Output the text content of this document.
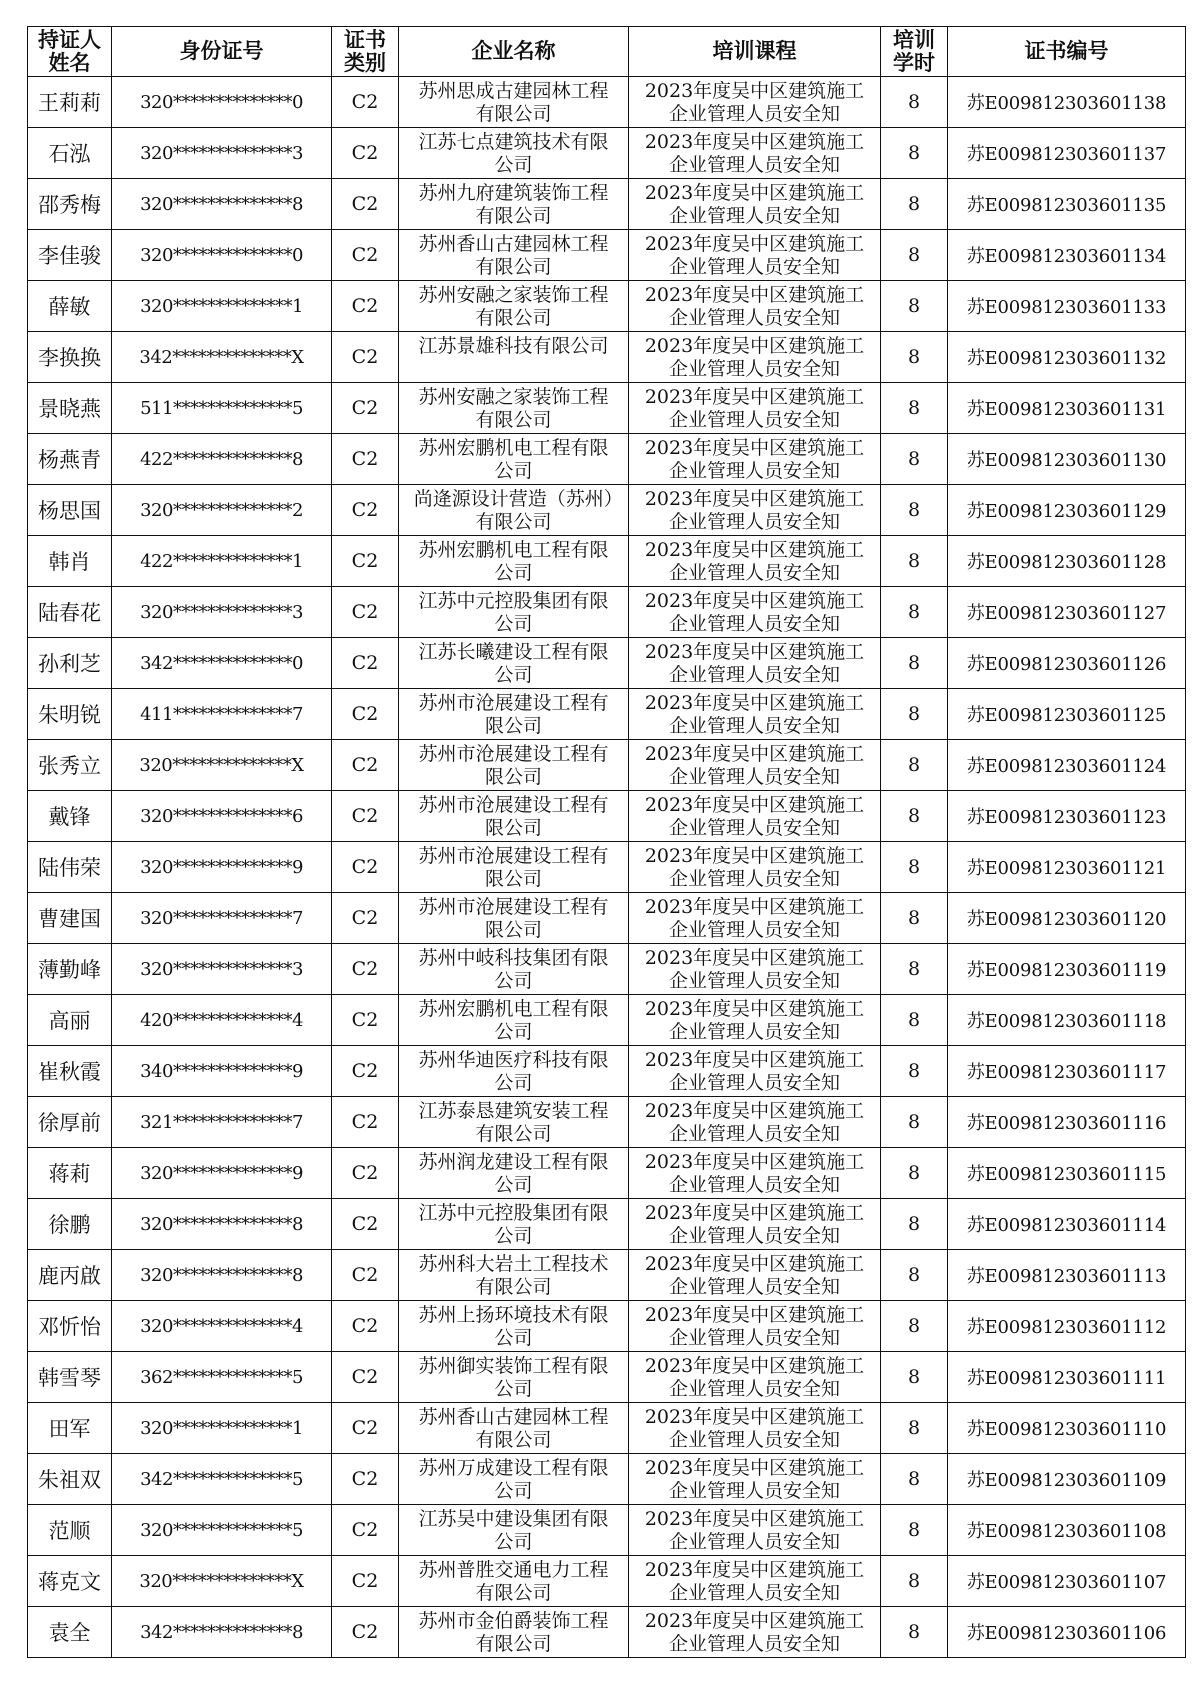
持证人姓名	身份证号	证书类别	企业名称	培训课程	培训学时	证书编号
王莉莉	320**************0	C2	苏州思成古建园林工程有限公司	2023年度吴中区建筑施工企业管理人员安全知	8	苏E009812303601138
石泓	320**************3	C2	江苏七点建筑技术有限公司	2023年度吴中区建筑施工企业管理人员安全知	8	苏E009812303601137
邵秀梅	320**************8	C2	苏州九府建筑装饰工程有限公司	2023年度吴中区建筑施工企业管理人员安全知	8	苏E009812303601135
李佳骏	320**************0	C2	苏州香山古建园林工程有限公司	2023年度吴中区建筑施工企业管理人员安全知	8	苏E009812303601134
薛敏	320**************1	C2	苏州安融之家装饰工程有限公司	2023年度吴中区建筑施工企业管理人员安全知	8	苏E009812303601133
李换换	342**************X	C2	江苏景雄科技有限公司	2023年度吴中区建筑施工企业管理人员安全知	8	苏E009812303601132
景晓燕	511**************5	C2	苏州安融之家装饰工程有限公司	2023年度吴中区建筑施工企业管理人员安全知	8	苏E009812303601131
杨燕青	422**************8	C2	苏州宏鹏机电工程有限公司	2023年度吴中区建筑施工企业管理人员安全知	8	苏E009812303601130
杨思国	320**************2	C2	尚逄源设计营造（苏州）有限公司	2023年度吴中区建筑施工企业管理人员安全知	8	苏E009812303601129
韩肖	422**************1	C2	苏州宏鹏机电工程有限公司	2023年度吴中区建筑施工企业管理人员安全知	8	苏E009812303601128
陆春花	320**************3	C2	江苏中元控股集团有限公司	2023年度吴中区建筑施工企业管理人员安全知	8	苏E009812303601127
孙利芝	342**************0	C2	江苏长曦建设工程有限公司	2023年度吴中区建筑施工企业管理人员安全知	8	苏E009812303601126
朱明锐	411**************7	C2	苏州市沧展建设工程有限公司	2023年度吴中区建筑施工企业管理人员安全知	8	苏E009812303601125
张秀立	320**************X	C2	苏州市沧展建设工程有限公司	2023年度吴中区建筑施工企业管理人员安全知	8	苏E009812303601124
戴锋	320**************6	C2	苏州市沧展建设工程有限公司	2023年度吴中区建筑施工企业管理人员安全知	8	苏E009812303601123
陆伟荣	320**************9	C2	苏州市沧展建设工程有限公司	2023年度吴中区建筑施工企业管理人员安全知	8	苏E009812303601121
曹建国	320**************7	C2	苏州市沧展建设工程有限公司	2023年度吴中区建筑施工企业管理人员安全知	8	苏E009812303601120
薄勤峰	320**************3	C2	苏州中岐科技集团有限公司	2023年度吴中区建筑施工企业管理人员安全知	8	苏E009812303601119
高丽	420**************4	C2	苏州宏鹏机电工程有限公司	2023年度吴中区建筑施工企业管理人员安全知	8	苏E009812303601118
崔秋霞	340**************9	C2	苏州华迪医疗科技有限公司	2023年度吴中区建筑施工企业管理人员安全知	8	苏E009812303601117
徐厚前	321**************7	C2	江苏泰恳建筑安装工程有限公司	2023年度吴中区建筑施工企业管理人员安全知	8	苏E009812303601116
蒋莉	320**************9	C2	苏州润龙建设工程有限公司	2023年度吴中区建筑施工企业管理人员安全知	8	苏E009812303601115
徐鹏	320**************8	C2	江苏中元控股集团有限公司	2023年度吴中区建筑施工企业管理人员安全知	8	苏E009812303601114
鹿丙啟	320**************8	C2	苏州科大岩土工程技术有限公司	2023年度吴中区建筑施工企业管理人员安全知	8	苏E009812303601113
邓忻怡	320**************4	C2	苏州上扬环境技术有限公司	2023年度吴中区建筑施工企业管理人员安全知	8	苏E009812303601112
韩雪琴	362**************5	C2	苏州御实装饰工程有限公司	2023年度吴中区建筑施工企业管理人员安全知	8	苏E009812303601111
田军	320**************1	C2	苏州香山古建园林工程有限公司	2023年度吴中区建筑施工企业管理人员安全知	8	苏E009812303601110
朱祖双	342**************5	C2	苏州万成建设工程有限公司	2023年度吴中区建筑施工企业管理人员安全知	8	苏E009812303601109
范顺	320**************5	C2	江苏吴中建设集团有限公司	2023年度吴中区建筑施工企业管理人员安全知	8	苏E009812303601108
蒋克文	320**************X	C2	苏州普胜交通电力工程有限公司	2023年度吴中区建筑施工企业管理人员安全知	8	苏E009812303601107
袁全	342**************8	C2	苏州市金伯爵装饰工程有限公司	2023年度吴中区建筑施工企业管理人员安全知	8	苏E009812303601106
